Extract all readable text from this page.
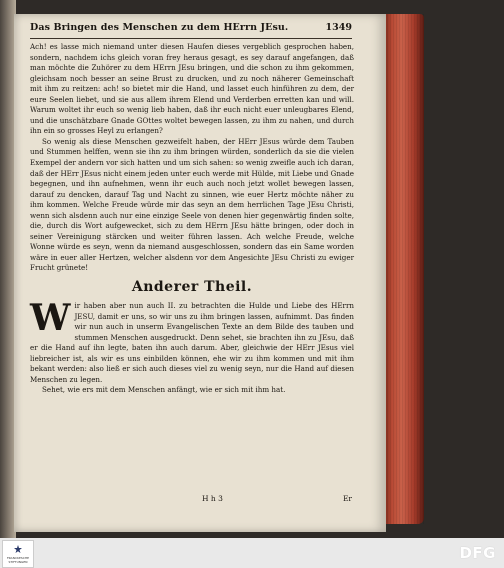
Das Bringen des Menschen zu dem HErrn JEsu.	1349

Ach! es lasse mich niemand unter diesen Haufen dieses vergeblich gesprochen haben, sondern, nachdem ichs gleich voran frey heraus gesagt, es sey darauf angefangen, daß man möchte die Zuhörer zu dem HErrn JEsu bringen, und die schon zu ihm gekommen, gleichsam noch besser an seine Brust zu drucken, und zu noch näherer Gemeinschaft mit ihm zu reitzen: ach! so bietet mir die Hand, und lasset euch hinführen zu dem, der eure Seelen liebet, und sie aus allem ihrem Elend und Verderben erretten kan und will. Warum woltet ihr euch so wenig lieb haben, daß ihr euch nicht euer unleugbares Elend, und die unschätzbare Gnade GOttes woltet bewegen lassen, zu ihm zu nahen, und durch ihn ein so grosses Heyl zu erlangen?

So wenig als diese Menschen gezweifelt haben, der HErr JEsus würde dem Tauben und Stummen helffen, wenn sie ihn zu ihm bringen würden, sonderlich da sie die vielen Exempel der andern vor sich hatten und um sich sahen: so wenig zweifle auch ich daran, daß der HErr JEsus nicht einem jeden unter euch werde mit Hülde, mit Liebe und Gnade begegnen, und ihn aufnehmen, wenn ihr euch auch noch jetzt wollet bewegen lassen, darauf zu dencken, darauf Tag und Nacht zu sinnen, wie euer Hertz möchte näher zu ihm kommen. Welche Freude würde mir das seyn an dem herrlichen Tage JEsu Christi, wenn sich alsdenn auch nur eine einzige Seele von denen hier gegenwärtig finden solte, die, durch dis Wort aufgewecket, sich zu dem HErrn JEsu hätte bringen, oder doch in seiner Vereinigung stärcken und weiter führen lassen. Ach welche Freude, welche Wonne würde es seyn, wenn da niemand ausgeschlossen, sondern das ein Same worden wäre in euer aller Hertzen, welcher alsdenn vor dem Angesichte JEsu Christi zu ewiger Frucht grünete!

Anderer Theil.
W ir haben aber nun auch II. zu betrachten die Hulde und Liebe des HErrn JESU, damit er uns, so wir uns zu ihm bringen lassen, aufnimmt. Das finden wir nun auch in unserm Evangelischen Texte an dem Bilde des tauben und stummen Menschen ausgedruckt. Denn sehet, sie brachten ihn zu JEsu, daß er die Hand auf ihn legte, baten ihn auch darum. Aber, gleichwie der HErr JEsus viel liebreicher ist, als wir es uns einbilden können, ehe wir zu ihm kommen und mit ihm bekant werden: also ließ er sich auch dieses viel zu wenig seyn, nur die Hand auf diesen Menschen zu legen.

Sehet, wie ers mit dem Menschen anfängt, wie er sich mit ihm hat.

H h 3	Er
FRANCKESCHE STIFTUNGEN	DFG
